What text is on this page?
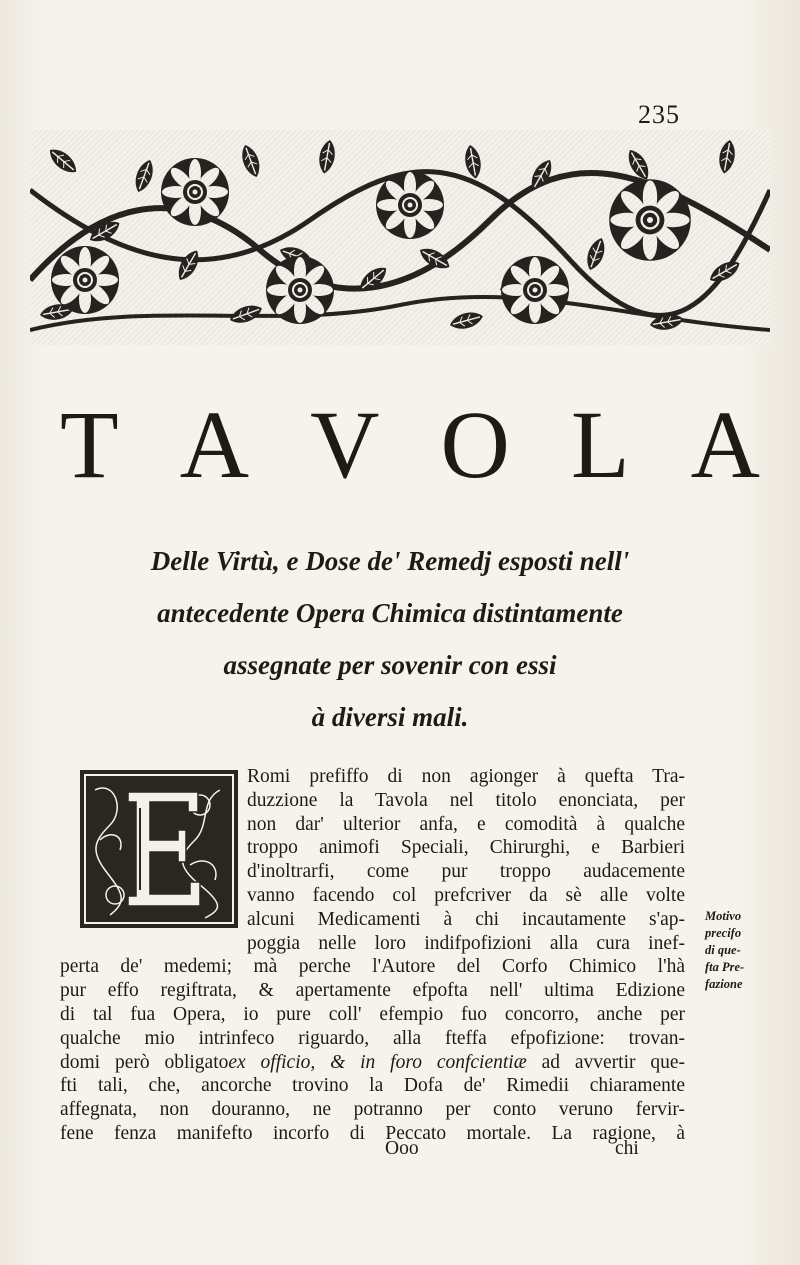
235
T A V O L A
Delle Virtù, e Dose de' Remedj esposti nell'
antecedente Opera Chimica distintamente
assegnate per sovenir con essi
à diversi mali.
Romi prefiffo di non agionger à quefta Tra-
duzzione la Tavola nel titolo enonciata, per
non dar' ulterior anfa, e comodità à qualche
troppo animofi Speciali, Chirurghi, e Barbieri
d'inoltrarfi, come pur troppo audacemente
vanno facendo col prefcriver da sè alle volte
alcuni Medicamenti à chi incautamente s'ap-
poggia nelle loro indifpofizioni alla cura inef-
perta de' medemi; mà perche l'Autore del Corfo Chimico l'hà
pur effo regiftrata, & apertamente efpofta nell' ultima Edizione
di tal fua Opera, io pure coll' efempio fuo concorro, anche per
qualche mio intrinfeco riguardo, alla fteffa efpofizione: trovan-
domi però obligatoex officio, & in foro confcientiæ ad avvertir que-
fti tali, che, ancorche trovino la Dofa de' Rimedii chiaramente
affegnata, non douranno, ne potranno per conto veruno fervir-
fene fenza manifefto incorfo di Peccato mortale. La ragione, à
Ooo	chi
Motivo
precifo
di que-
fta Pre-
fazione
